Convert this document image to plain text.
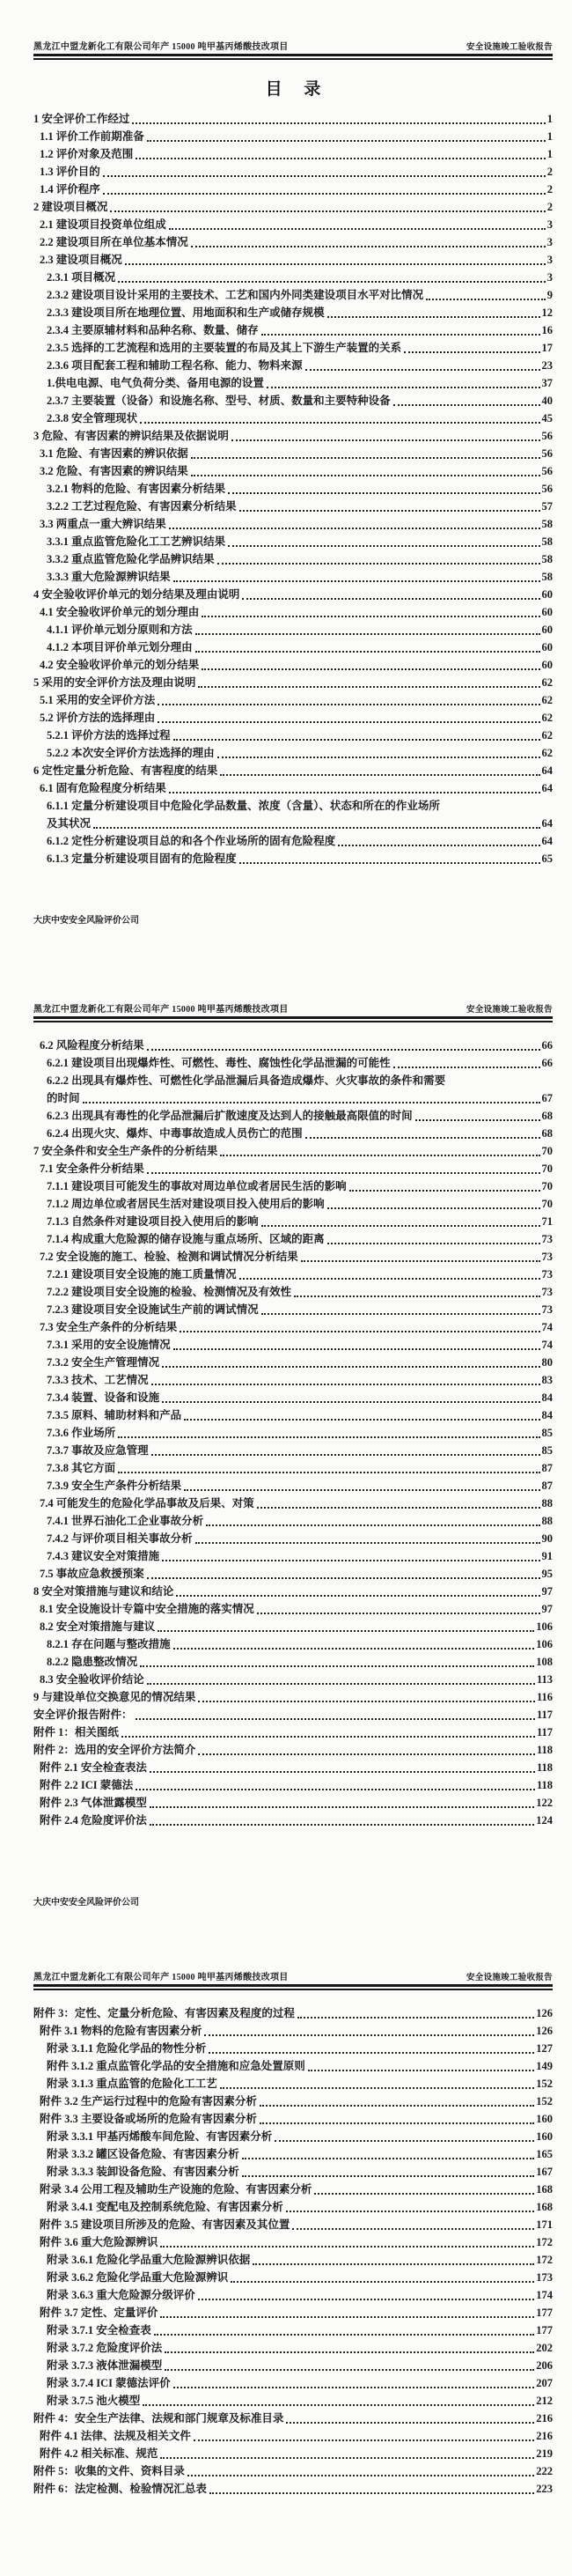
黑龙江中盟龙新化工有限公司年产 15000 吨甲基丙烯酸技改项目	安全设施竣工验收报告
目 录
1 安全评价工作经过	1
1.1 评价工作前期准备	1
1.2 评价对象及范围	1
1.3 评价目的	2
1.4 评价程序	2
2 建设项目概况	2
2.1 建设项目投资单位组成	3
2.2 建设项目所在单位基本情况	3
2.3 建设项目概况	3
2.3.1 项目概况	3
2.3.2 建设项目设计采用的主要技术、工艺和国内外同类建设项目水平对比情况	9
2.3.3 建设项目所在地理位置、用地面积和生产或储存规模	12
2.3.4 主要原辅材料和品种名称、数量、储存	16
2.3.5 选择的工艺流程和选用的主要装置的布局及其上下游生产装置的关系	17
2.3.6 项目配套工程和辅助工程名称、能力、物料来源	23
1.供电电源、电气负荷分类、备用电源的设置	37
2.3.7 主要装置（设备）和设施名称、型号、材质、数量和主要特种设备	40
2.3.8 安全管理现状	45
3 危险、有害因素的辨识结果及依据说明	56
3.1 危险、有害因素的辨识依据	56
3.2 危险、有害因素的辨识结果	56
3.2.1 物料的危险、有害因素分析结果	56
3.2.2 工艺过程危险、有害因素分析结果	57
3.3 两重点一重大辨识结果	58
3.3.1 重点监管危险化工工艺辨识结果	58
3.3.2 重点监管危险化学品辨识结果	58
3.3.3 重大危险源辨识结果	58
4 安全验收评价单元的划分结果及理由说明	60
4.1 安全验收评价单元的划分理由	60
4.1.1 评价单元划分原则和方法	60
4.1.2 本项目评价单元划分理由	60
4.2 安全验收评价单元的划分结果	60
5 采用的安全评价方法及理由说明	62
5.1 采用的安全评价方法	62
5.2 评价方法的选择理由	62
5.2.1 评价方法的选择过程	62
5.2.2 本次安全评价方法选择的理由	62
6 定性定量分析危险、有害程度的结果	64
6.1 固有危险程度分析结果	64
6.1.1 定量分析建设项目中危险化学品数量、浓度（含量）、状态和所在的作业场所
及其状况	64
6.1.2 定性分析建设项目总的和各个作业场所的固有危险程度	64
6.1.3 定量分析建设项目固有的危险程度	65
大庆中安安全风险评价公司
黑龙江中盟龙新化工有限公司年产 15000 吨甲基丙烯酸技改项目	安全设施竣工验收报告
6.2 风险程度分析结果	66
6.2.1 建设项目出现爆炸性、可燃性、毒性、腐蚀性化学品泄漏的可能性	66
6.2.2 出现具有爆炸性、可燃性化学品泄漏后具备造成爆炸、火灾事故的条件和需要
的时间	67
6.2.3 出现具有毒性的化学品泄漏后扩散速度及达到人的接触最高限值的时间	68
6.2.4 出现火灾、爆炸、中毒事故造成人员伤亡的范围	68
7 安全条件和安全生产条件的分析结果	70
7.1 安全条件分析结果	70
7.1.1 建设项目可能发生的事故对周边单位或者居民生活的影响	70
7.1.2 周边单位或者居民生活对建设项目投入使用后的影响	70
7.1.3 自然条件对建设项目投入使用后的影响	71
7.1.4 构成重大危险源的储存设施与重点场所、区域的距离	73
7.2 安全设施的施工、检验、检测和调试情况分析结果	73
7.2.1 建设项目安全设施的施工质量情况	73
7.2.2 建设项目安全设施的检验、检测情况及有效性	73
7.2.3 建设项目安全设施试生产前的调试情况	73
7.3 安全生产条件的分析结果	74
7.3.1 采用的安全设施情况	74
7.3.2 安全生产管理情况	80
7.3.3 技术、工艺情况	83
7.3.4 装置、设备和设施	84
7.3.5 原料、辅助材料和产品	84
7.3.6 作业场所	85
7.3.7 事故及应急管理	85
7.3.8 其它方面	87
7.3.9 安全生产条件分析结果	87
7.4 可能发生的危险化学品事故及后果、对策	88
7.4.1 世界石油化工企业事故分析	88
7.4.2 与评价项目相关事故分析	90
7.4.3 建议安全对策措施	91
7.5 事故应急救援预案	95
8 安全对策措施与建议和结论	97
8.1 安全设施设计专篇中安全措施的落实情况	97
8.2 安全对策措施与建议	106
8.2.1 存在问题与整改措施	106
8.2.2 隐患整改情况	108
8.3 安全验收评价结论	113
9 与建设单位交换意见的情况结果	116
安全评价报告附件：	117
附件 1：相关图纸	117
附件 2：选用的安全评价方法简介	118
附件 2.1 安全检查表法	118
附件 2.2 ICI 蒙德法	118
附件 2.3 气体泄露模型	122
附件 2.4 危险度评价法	124
大庆中安安全风险评价公司
黑龙江中盟龙新化工有限公司年产 15000 吨甲基丙烯酸技改项目	安全设施竣工验收报告
附件 3：定性、定量分析危险、有害因素及程度的过程	126
附件 3.1 物料的危险有害因素分析	126
附录 3.1.1 危险化学品的物性分析	127
附件 3.1.2 重点监管化学品的安全措施和应急处置原则	149
附录 3.1.3 重点监管的危险化工工艺	152
附件 3.2 生产运行过程中的危险有害因素分析	152
附件 3.3 主要设备或场所的危险有害因素分析	160
附录 3.3.1 甲基丙烯酸车间危险、有害因素分析	160
附录 3.3.2 罐区设备危险、有害因素分析	165
附录 3.3.3 装卸设备危险、有害因素分析	167
附录 3.4 公用工程及辅助生产设施的危险、有害因素分析	168
附录 3.4.1 变配电及控制系统危险、有害因素分析	168
附件 3.5 建设项目所涉及的危险、有害因素及其位置	171
附件 3.6 重大危险源辨识	172
附录 3.6.1 危险化学品重大危险源辨识依据	172
附录 3.6.2 危险化学品重大危险源辨识	173
附录 3.6.3 重大危险源分级评价	174
附件 3.7 定性、定量评价	177
附录 3.7.1 安全检查表	177
附录 3.7.2 危险度评价法	202
附录 3.7.3 液体泄漏模型	206
附录 3.7.4 ICI 蒙德法评价	207
附录 3.7.5 池火模型	212
附件 4：安全生产法律、法规和部门规章及标准目录	216
附件 4.1 法律、法规及相关文件	216
附件 4.2 相关标准、规范	219
附件 5：收集的文件、资料目录	222
附件 6：法定检测、检验情况汇总表	223
